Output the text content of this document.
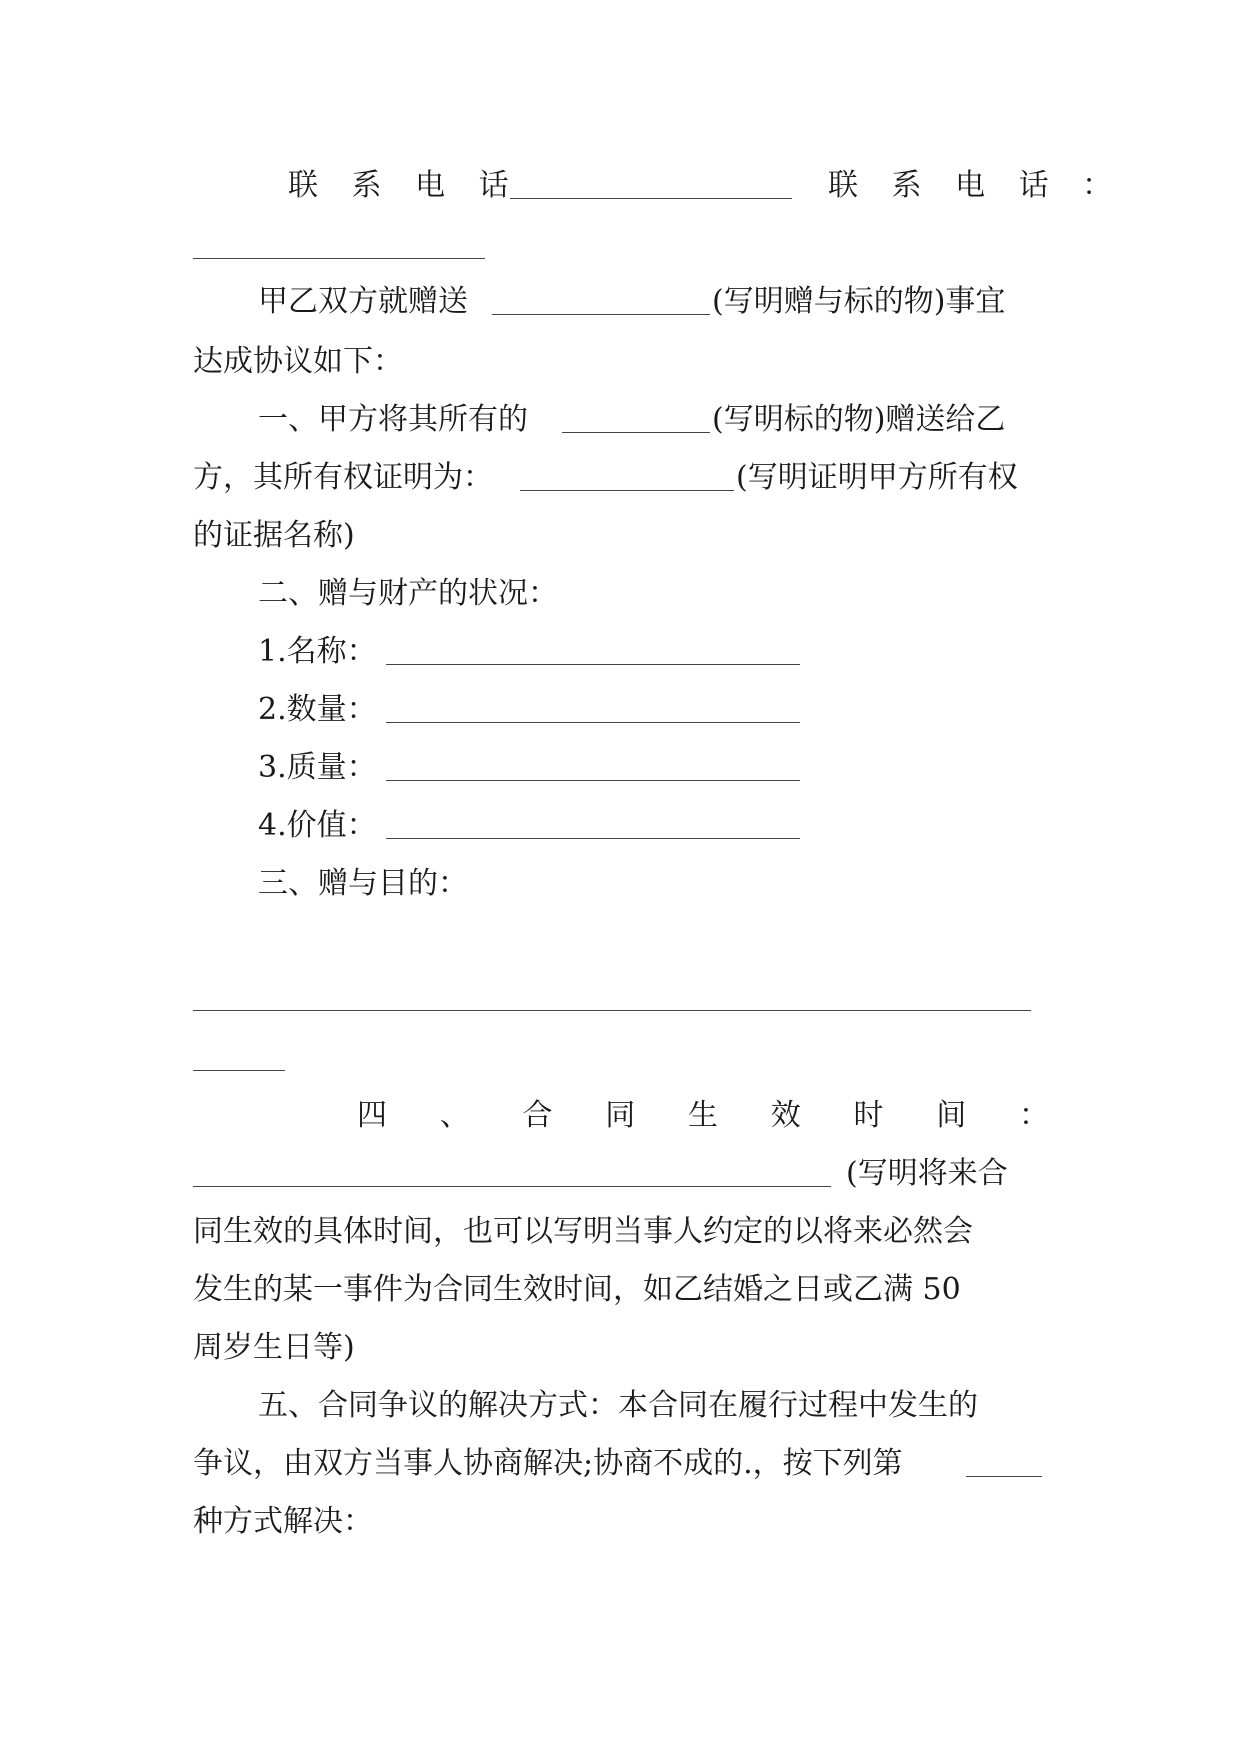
联 系 电 话	联 系 电 话 ：
甲乙双方就赠送	(写明赠与标的物)事宜
达成协议如下：
一、甲方将其所有的	(写明标的物)赠送给乙
方，其所有权证明为：	(写明证明甲方所有权
的证据名称)
二、赠与财产的状况：
1.名称：
2.数量：
3.质量：
4.价值：
三、赠与目的：
四 、 合 同 生 效 时 间 ：
(写明将来合
同生效的具体时间，也可以写明当事人约定的以将来必然会
发生的某一事件为合同生效时间，如乙结婚之日或乙满 50
周岁生日等)
五、合同争议的解决方式：本合同在履行过程中发生的
争议，由双方当事人协商解决;协商不成的.，按下列第
种方式解决：
